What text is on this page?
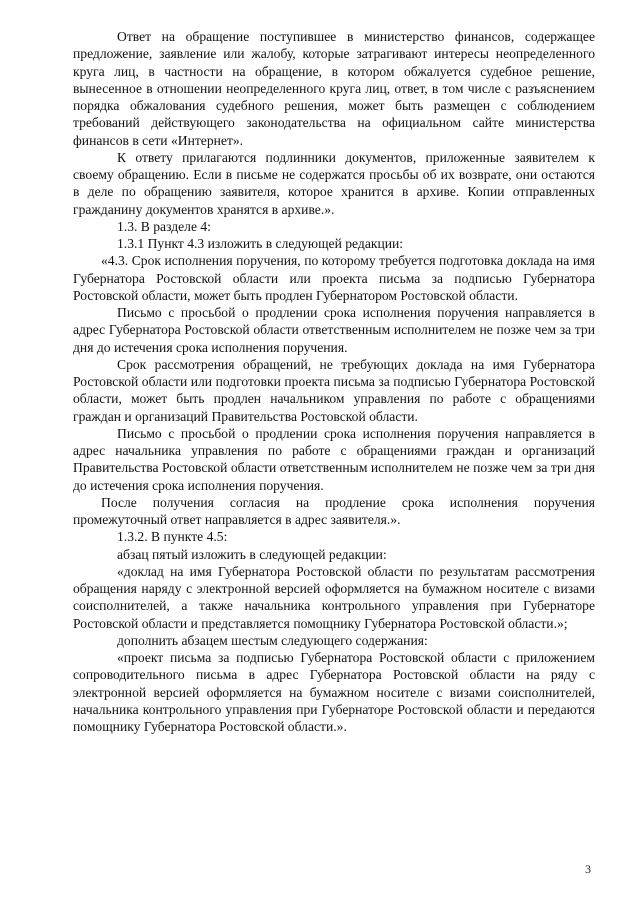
Ответ на обращение поступившее в министерство финансов, содержащее предложение, заявление или жалобу, которые затрагивают интересы неопределенного круга лиц, в частности на обращение, в котором обжалуется судебное решение, вынесенное в отношении неопределенного круга лиц, ответ, в том числе с разъяснением порядка обжалования судебного решения, может быть размещен с соблюдением требований действующего законодательства на официальном сайте министерства финансов в сети «Интернет».

К ответу прилагаются подлинники документов, приложенные заявителем к своему обращению. Если в письме не содержатся просьбы об их возврате, они остаются в деле по обращению заявителя, которое хранится в архиве. Копии отправленных гражданину документов хранятся в архиве.».

1.3. В разделе 4:

1.3.1 Пункт 4.3 изложить в следующей редакции:

«4.3. Срок исполнения поручения, по которому требуется подготовка доклада на имя Губернатора Ростовской области или проекта письма за подписью Губернатора Ростовской области, может быть продлен Губернатором Ростовской области.

Письмо с просьбой о продлении срока исполнения поручения направляется в адрес Губернатора Ростовской области ответственным исполнителем не позже чем за три дня до истечения срока исполнения поручения.

Срок рассмотрения обращений, не требующих доклада на имя Губернатора Ростовской области или подготовки проекта письма за подписью Губернатора Ростовской области, может быть продлен начальником управления по работе с обращениями граждан и организаций Правительства Ростовской области.

Письмо с просьбой о продлении срока исполнения поручения направляется в адрес начальника управления по работе с обращениями граждан и организаций Правительства Ростовской области ответственным исполнителем не позже чем за три дня до истечения срока исполнения поручения.

После получения согласия на продление срока исполнения поручения промежуточный ответ направляется в адрес заявителя.».

1.3.2. В пункте 4.5:

абзац пятый изложить в следующей редакции:

«доклад на имя Губернатора Ростовской области по результатам рассмотрения обращения наряду с электронной версией оформляется на бумажном носителе с визами соисполнителей, а также начальника контрольного управления при Губернаторе Ростовской области и представляется помощнику Губернатора Ростовской области.»;

дополнить абзацем шестым следующего содержания:

«проект письма за подписью Губернатора Ростовской области с приложением сопроводительного письма в адрес Губернатора Ростовской области на ряду с электронной версией оформляется на бумажном носителе с визами соисполнителей, начальника контрольного управления при Губернаторе Ростовской области и передаются помощнику Губернатора Ростовской области.».

3
